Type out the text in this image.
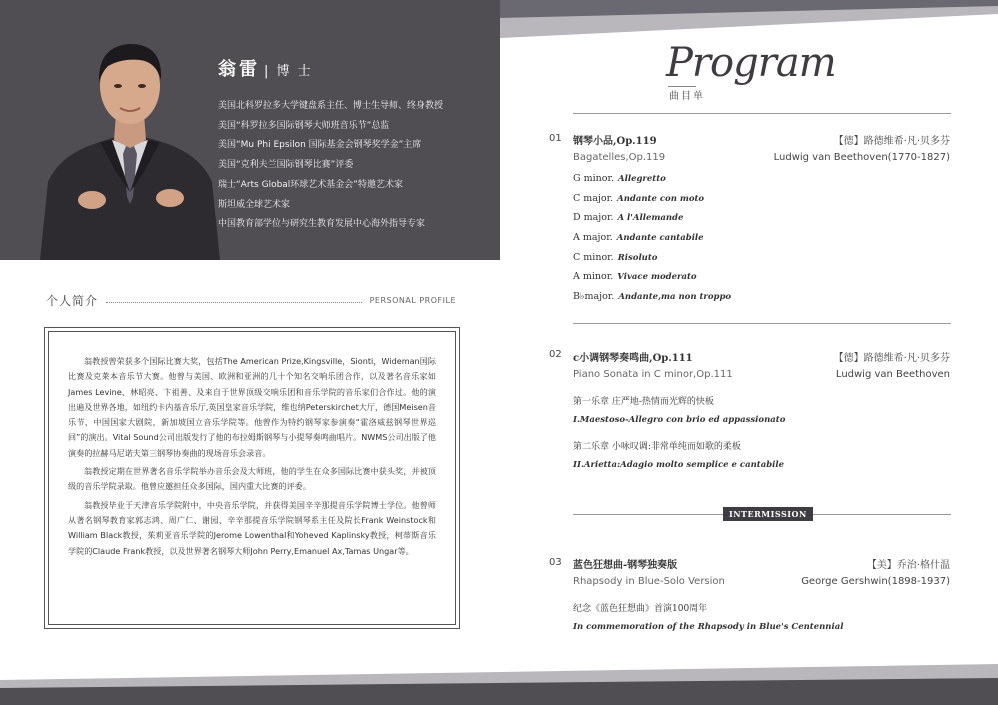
翁雷 | 博 士
美国北科罗拉多大学键盘系主任、博士生导师、终身教授
美国“科罗拉多国际钢琴大师班音乐节”总监
美国“Mu Phi Epsilon 国际基金会钢琴奖学金”主席
美国“克利夫兰国际钢琴比赛”评委
瑞士“Arts Global环球艺术基金会”特邀艺术家
斯坦威全球艺术家
中国教育部学位与研究生教育发展中心海外指导专家
个人简介	PERSONAL PROFILE

翁教授曾荣获多个国际比赛大奖，包括The American Prize,Kingsville，Sionti，Wideman国际比赛及克莱本音乐节大赛。他曾与美国、欧洲和亚洲的几十个知名交响乐团合作，以及著名音乐家如James Levine、林昭亮、卞祖善、及来自于世界顶级交响乐团和音乐学院的音乐家们合作过。他的演出遍及世界各地，如纽约卡内基音乐厅,英国皇家音乐学院，维也纳Peterskirchet大厅，德国Meisen音乐节，中国国家大剧院，新加坡国立音乐学院等。他曾作为特约钢琴家参演奏“霍洛威兹钢琴世界巡回”的演出。Vital Sound公司出版发行了他的布拉姆斯钢琴与小提琴奏鸣曲唱片。NWMS公司出版了他演奏的拉赫马尼诺夫第三钢琴协奏曲的现场音乐会录音。

翁教授定期在世界著名音乐学院举办音乐会及大师班，他的学生在众多国际比赛中获头奖，并被顶级的音乐学院录取。他曾应邀担任众多国际，国内重大比赛的评委。

翁教授毕业于天津音乐学院附中，中央音乐学院，并获得美国辛辛那提音乐学院博士学位。他曾师从著名钢琴教育家郭志鸿、周广仁、谢园、辛辛那提音乐学院钢琴系主任及院长Frank Weinstock和William Black教授，茱莉亚音乐学院的Jerome Lowenthal和Yoheved Kaplinsky教授，柯蒂斯音乐学院的Claude Frank教授，以及世界著名钢琴大师John Perry,Emanuel Ax,Tamas Ungar等。

Program
曲目单
01 钢琴小品,Op.119	【德】路德维希·凡·贝多芬
Bagatelles,Op.119	Ludwig van Beethoven(1770-1827)
G minor. Allegretto
C major. Andante con moto
D major. A l'Allemande
A major. Andante cantabile
C minor. Risoluto
A minor. Vivace moderato
B♭major. Andante,ma non troppo
02 c小调钢琴奏鸣曲,Op.111	【德】路德维希·凡·贝多芬
Piano Sonata in C minor,Op.111	Ludwig van Beethoven
第一乐章 庄严地-热情而光辉的快板
I.Maestoso-Allegro con brio ed appassionato
第二乐章 小咏叹调:非常单纯而如歌的柔板
II.Arietta:Adagio molto semplice e cantabile
INTERMISSION
03 蓝色狂想曲-钢琴独奏版	【美】乔治·格什温
Rhapsody in Blue-Solo Version	George Gershwin(1898-1937)
纪念《蓝色狂想曲》首演100周年
In commemoration of the Rhapsody in Blue's Centennial
